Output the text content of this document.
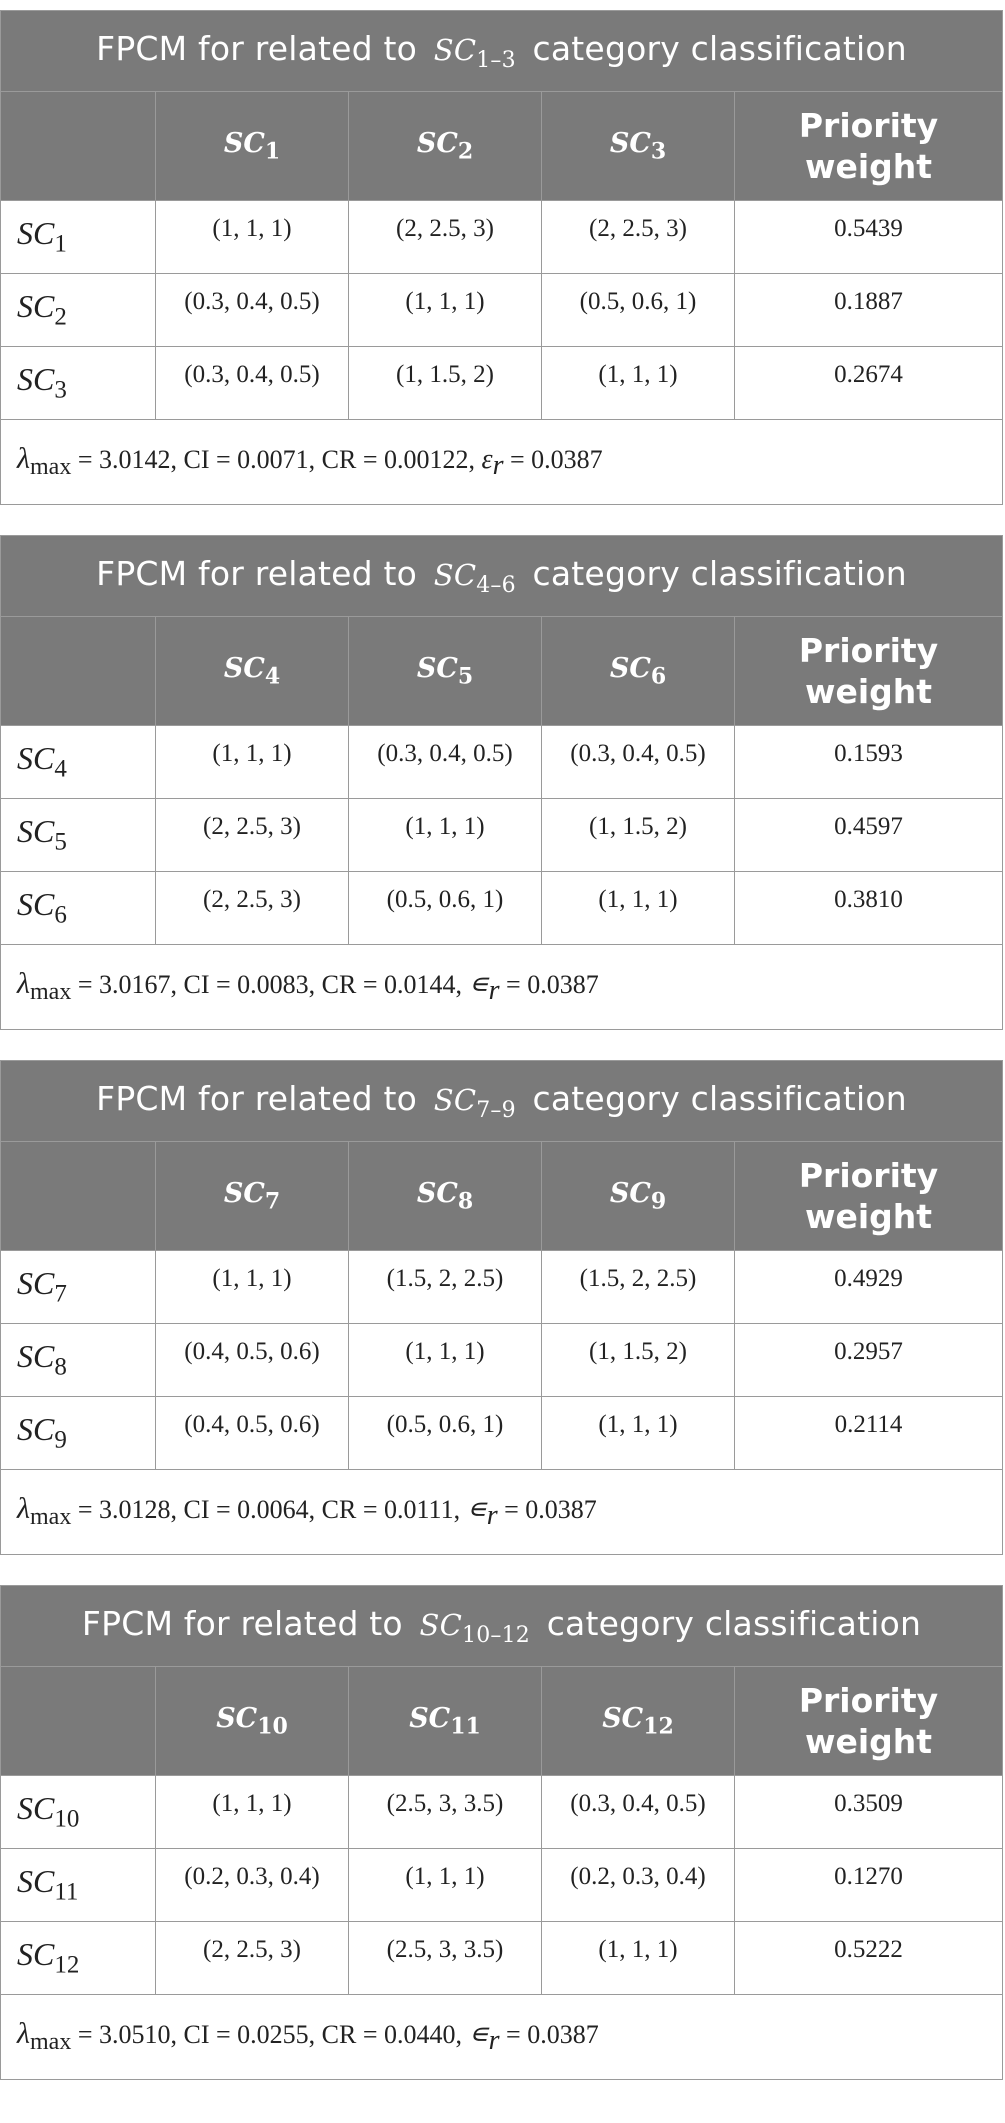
FPCM for related to $SC_{1-3}$ category classification				
	$SC_1$	$SC_2$	$SC_3$	Priority
weight
$SC_1$	(1, 1, 1)	(2, 2.5, 3)	(2, 2.5, 3)	0.5439
$SC_2$	(0.3, 0.4, 0.5)	(1, 1, 1)	(0.5, 0.6, 1)	0.1887
$SC_3$	(0.3, 0.4, 0.5)	(1, 1.5, 2)	(1, 1, 1)	0.2674
$\lambda_{max} = 3.0142$, CI = 0.0071, CR = 0.00122, $\varepsilon_r = 0.0387$				
FPCM for related to $SC_{4-6}$ category classification				
	$SC_4$	$SC_5$	$SC_6$	Priority
weight
$SC_4$	(1, 1, 1)	(0.3, 0.4, 0.5)	(0.3, 0.4, 0.5)	0.1593
$SC_5$	(2, 2.5, 3)	(1, 1, 1)	(1, 1.5, 2)	0.4597
$SC_6$	(2, 2.5, 3)	(0.5, 0.6, 1)	(1, 1, 1)	0.3810
$\lambda_{max} = 3.0167$, CI = 0.0083, CR = 0.0144, $∊_r = 0.0387$				
FPCM for related to $SC_{7-9}$ category classification				
	$SC_7$	$SC_8$	$SC_9$	Priority
weight
$SC_7$	(1, 1, 1)	(1.5, 2, 2.5)	(1.5, 2, 2.5)	0.4929
$SC_8$	(0.4, 0.5, 0.6)	(1, 1, 1)	(1, 1.5, 2)	0.2957
$SC_9$	(0.4, 0.5, 0.6)	(0.5, 0.6, 1)	(1, 1, 1)	0.2114
$\lambda_{max} = 3.0128$, CI = 0.0064, CR = 0.0111, $∊_r = 0.0387$				
FPCM for related to $SC_{10-12}$ category classification				
	$SC_{10}$	$SC_{11}$	$SC_{12}$	Priority
weight
$SC_{10}$	(1, 1, 1)	(2.5, 3, 3.5)	(0.3, 0.4, 0.5)	0.3509
$SC_{11}$	(0.2, 0.3, 0.4)	(1, 1, 1)	(0.2, 0.3, 0.4)	0.1270
$SC_{12}$	(2, 2.5, 3)	(2.5, 3, 3.5)	(1, 1, 1)	0.5222
$\lambda_{max} = 3.0510$, CI = 0.0255, CR = 0.0440, $∊_r = 0.0387$				
